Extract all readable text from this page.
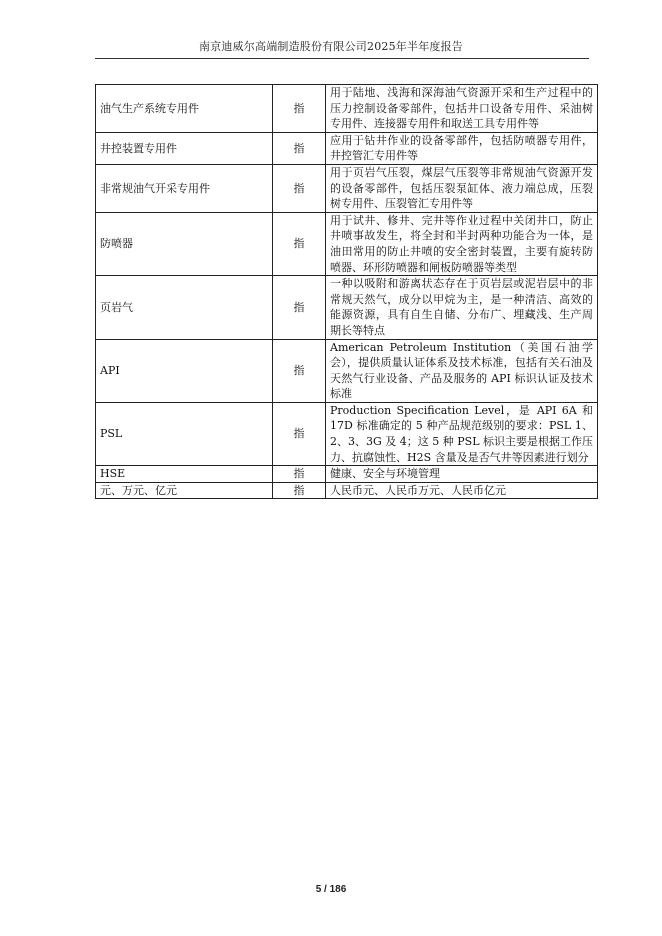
南京迪威尔高端制造股份有限公司2025年半年度报告
油气生产系统专用件	指	用于陆地、浅海和深海油气资源开采和生产过程中的压力控制设备零部件，包括井口设备专用件、采油树专用件、连接器专用件和取送工具专用件等
井控装置专用件	指	应用于钻井作业的设备零部件，包括防喷器专用件，井控管汇专用件等
非常规油气开采专用件	指	用于页岩气压裂，煤层气压裂等非常规油气资源开发的设备零部件，包括压裂泵缸体、液力端总成，压裂树专用件、压裂管汇专用件等
防喷器	指	用于试井、修井、完井等作业过程中关闭井口，防止井喷事故发生，将全封和半封两种功能合为一体，是油田常用的防止井喷的安全密封装置，主要有旋转防喷器、环形防喷器和闸板防喷器等类型
页岩气	指	一种以吸附和游离状态存在于页岩层或泥岩层中的非常规天然气，成分以甲烷为主，是一种清洁、高效的能源资源，具有自生自储、分布广、埋藏浅、生产周期长等特点
API	指	American Petroleum Institution（美国石油学会），提供质量认证体系及技术标准，包括有关石油及天然气行业设备、产品及服务的 API 标识认证及技术标准
PSL	指	Production Specification Level，是 API 6A 和 17D 标准确定的 5 种产品规范级别的要求：PSL 1、2、3、3G 及 4；这 5 种 PSL 标识主要是根据工作压力、抗腐蚀性、H2S 含量及是否气井等因素进行划分
HSE	指	健康、安全与环境管理
元、万元、亿元	指	人民币元、人民币万元、人民币亿元
5 / 186
